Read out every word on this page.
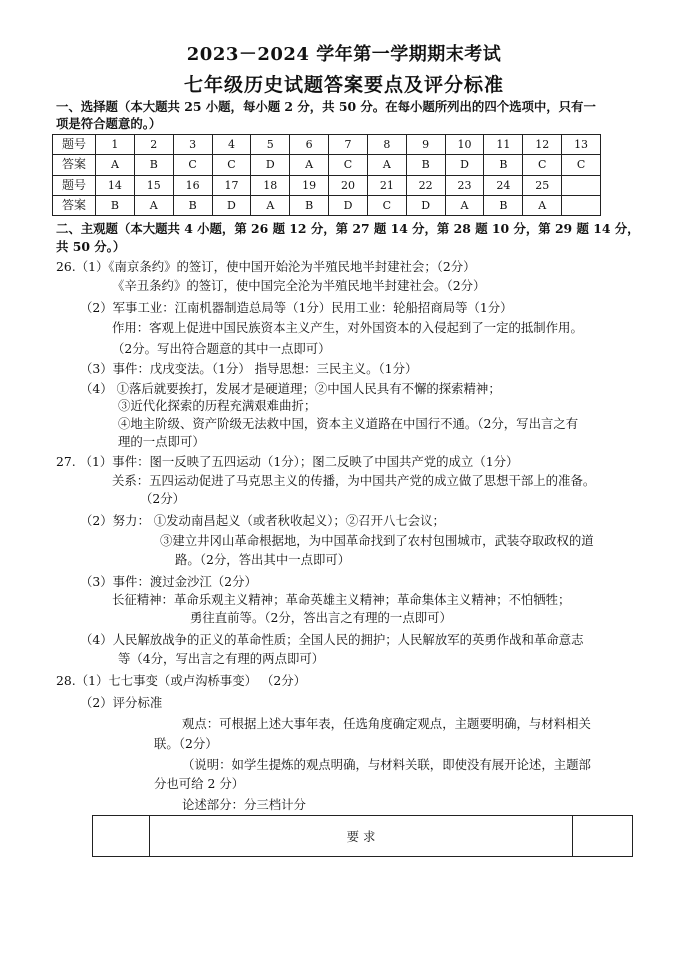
2023－2024 学年第一学期期末考试
七年级历史试题答案要点及评分标准
一、选择题（本大题共 25 小题，每小题 2 分，共 50 分。在每小题所列出的四个选项中，只有一
项是符合题意的。）
题号	1	2	3	4	5	6	7	8	9	10	11	12	13
答案	A	B	C	C	D	A	C	A	B	D	B	C	C
题号	14	15	16	17	18	19	20	21	22	23	24	25	
答案	B	A	B	D	A	B	D	C	D	A	B	A	
二、主观题（本大题共 4 小题，第 26 题 12 分，第 27 题 14 分，第 28 题 10 分，第 29 题 14 分，
共 50 分。）
26.（1）《南京条约》的签订，使中国开始沦为半殖民地半封建社会；（2分）
《辛丑条约》的签订，使中国完全沦为半殖民地半封建社会。（2分）
（2）军事工业：江南机器制造总局等（1分）民用工业：轮船招商局等（1分）
作用：客观上促进中国民族资本主义产生，对外国资本的入侵起到了一定的抵制作用。
（2分。写出符合题意的其中一点即可）
（3）事件：戊戌变法。（1分） 指导思想：三民主义。（1分）
（4） ①落后就要挨打，发展才是硬道理；②中国人民具有不懈的探索精神；
③近代化探索的历程充满艰难曲折；
④地主阶级、资产阶级无法救中国，资本主义道路在中国行不通。（2分，写出言之有
理的一点即可）
27. （1）事件：图一反映了五四运动（1分）；图二反映了中国共产党的成立（1分）
关系：五四运动促进了马克思主义的传播，为中国共产党的成立做了思想干部上的准备。
（2分）
（2）努力： ①发动南昌起义（或者秋收起义）；②召开八七会议；
③建立井冈山革命根据地，为中国革命找到了农村包围城市，武装夺取政权的道
路。（2分，答出其中一点即可）
（3）事件：渡过金沙江（2分）
长征精神：革命乐观主义精神；革命英雄主义精神；革命集体主义精神；不怕牺牲；
勇往直前等。（2分，答出言之有理的一点即可）
（4）人民解放战争的正义的革命性质；全国人民的拥护；人民解放军的英勇作战和革命意志
等（4分，写出言之有理的两点即可）
28.（1）七七事变（或卢沟桥事变） （2分）
（2）评分标准
观点：可根据上述大事年表，任选角度确定观点，主题要明确，与材料相关
联。（2分）
（说明：如学生提炼的观点明确，与材料关联，即使没有展开论述，主题部
分也可给 2 分）
论述部分：分三档计分
	要 求	
